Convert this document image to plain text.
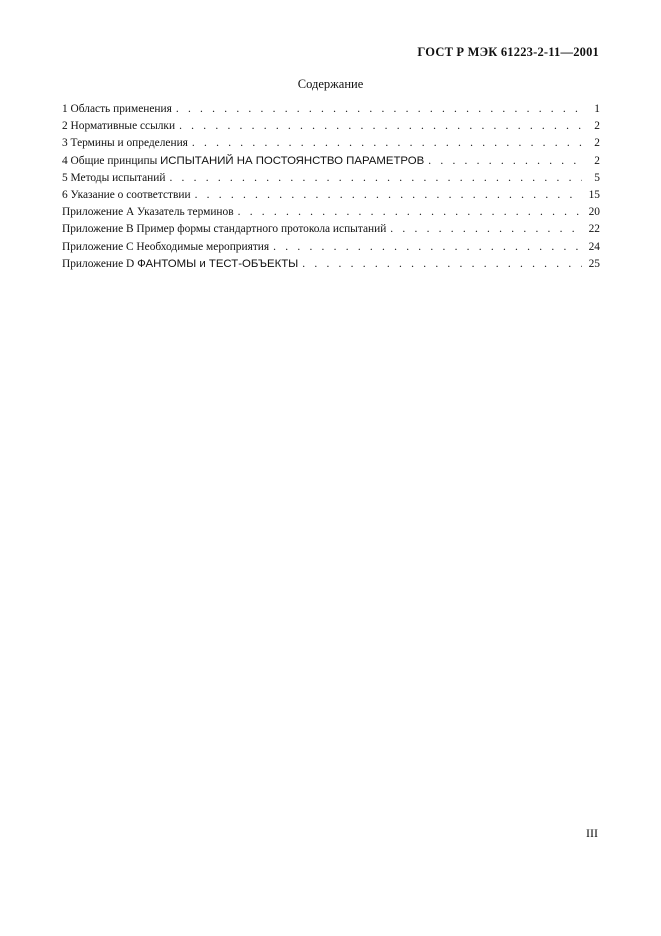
ГОСТ Р МЭК 61223-2-11—2001
Содержание
1 Область применения . . .	1
2 Нормативные ссылки . . .	2
3 Термины и определения . . .	2
4 Общие принципы ИСПЫТАНИЙ НА ПОСТОЯНСТВО ПАРАМЕТРОВ . . .	2
5 Методы испытаний . . .	5
6 Указание о соответствии . . .	15
Приложение А Указатель терминов . . .	20
Приложение В Пример формы стандартного протокола испытаний . . .	22
Приложение С Необходимые мероприятия . . .	24
Приложение D ФАНТОМЫ и ТЕСТ-ОБЪЕКТЫ . . .	25
III
